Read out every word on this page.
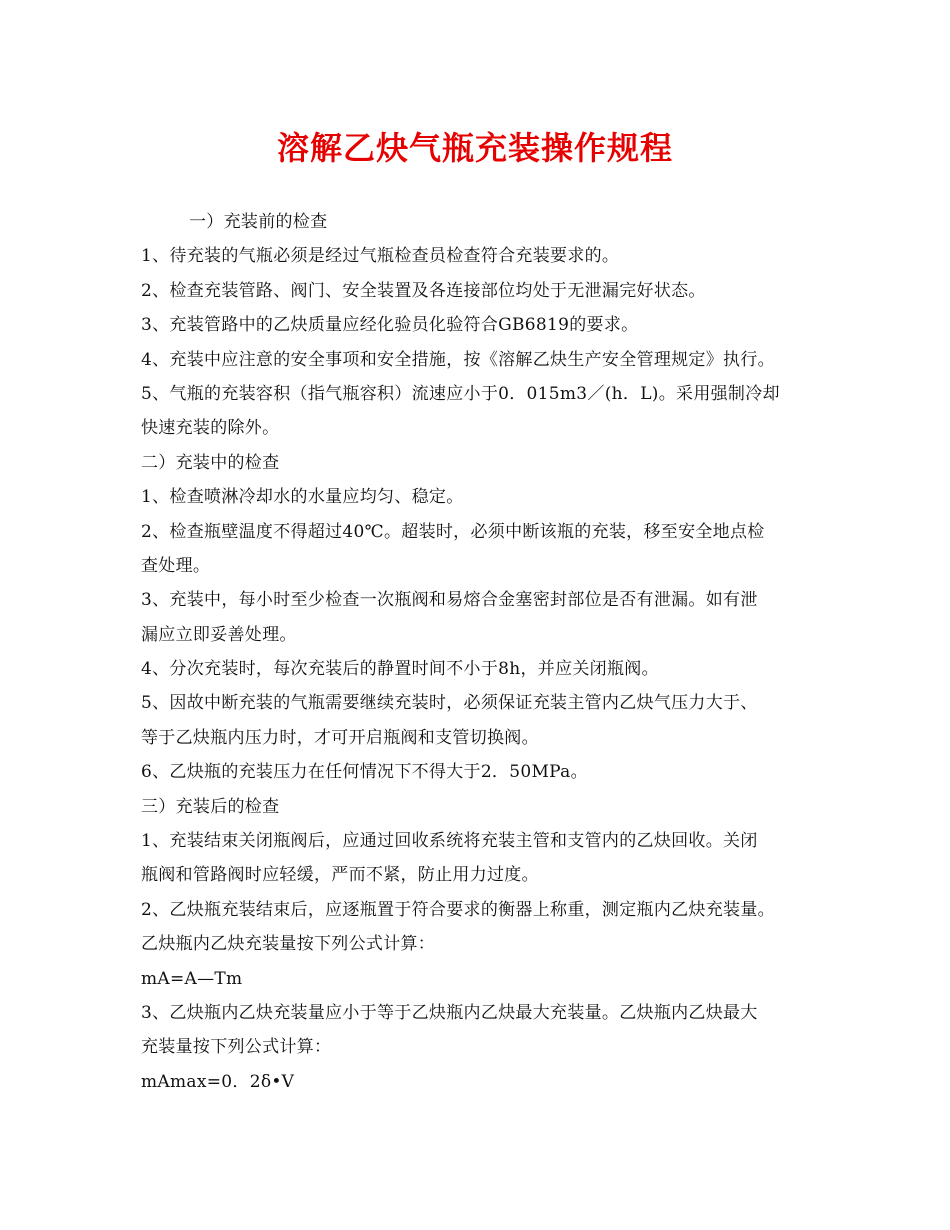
溶解乙炔气瓶充装操作规程
一）充装前的检查
1、待充装的气瓶必须是经过气瓶检查员检查符合充装要求的。
2、检查充装管路、阀门、安全装置及各连接部位均处于无泄漏完好状态。
3、充装管路中的乙炔质量应经化验员化验符合GB6819的要求。
4、充装中应注意的安全事项和安全措施，按《溶解乙炔生产安全管理规定》执行。
5、气瓶的充装容积（指气瓶容积）流速应小于0．015m3／(h．L)。采用强制冷却
快速充装的除外。
二）充装中的检查
1、检查喷淋冷却水的水量应均匀、稳定。
2、检查瓶壁温度不得超过40℃。超装时，必须中断该瓶的充装，移至安全地点检
查处理。
3、充装中，每小时至少检查一次瓶阀和易熔合金塞密封部位是否有泄漏。如有泄
漏应立即妥善处理。
4、分次充装时，每次充装后的静置时间不小于8h，并应关闭瓶阀。
5、因故中断充装的气瓶需要继续充装时，必须保证充装主管内乙炔气压力大于、
等于乙炔瓶内压力时，才可开启瓶阀和支管切换阀。
6、乙炔瓶的充装压力在任何情况下不得大于2．50MPa。
三）充装后的检查
1、充装结束关闭瓶阀后，应通过回收系统将充装主管和支管内的乙炔回收。关闭
瓶阀和管路阀时应轻缓，严而不紧，防止用力过度。
2、乙炔瓶充装结束后，应逐瓶置于符合要求的衡器上称重，测定瓶内乙炔充装量。
乙炔瓶内乙炔充装量按下列公式计算：
mA=A—Tm
3、乙炔瓶内乙炔充装量应小于等于乙炔瓶内乙炔最大充装量。乙炔瓶内乙炔最大
充装量按下列公式计算：
mAmax=0．2δ•V
